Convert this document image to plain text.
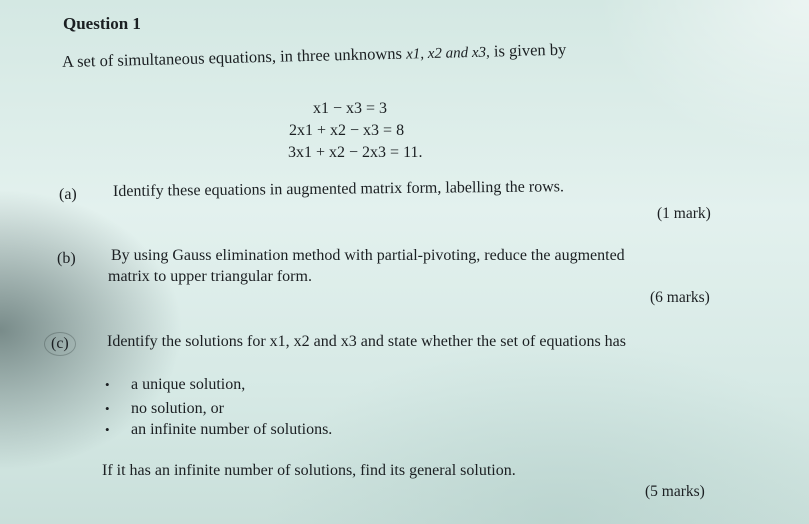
Question 1
A set of simultaneous equations, in three unknowns x1, x2 and x3, is given by
x1 − x3 = 3
2x1 + x2 − x3 = 8
3x1 + x2 − 2x3 = 11.
(a) Identify these equations in augmented matrix form, labelling the rows.
(1 mark)
(b) By using Gauss elimination method with partial-pivoting, reduce the augmented
matrix to upper triangular form.
(6 marks)
(c)	Identify the solutions for x1, x2 and x3 and state whether the set of equations has
• a unique solution,
• no solution, or
• an infinite number of solutions.
If it has an infinite number of solutions, find its general solution.
(5 marks)
